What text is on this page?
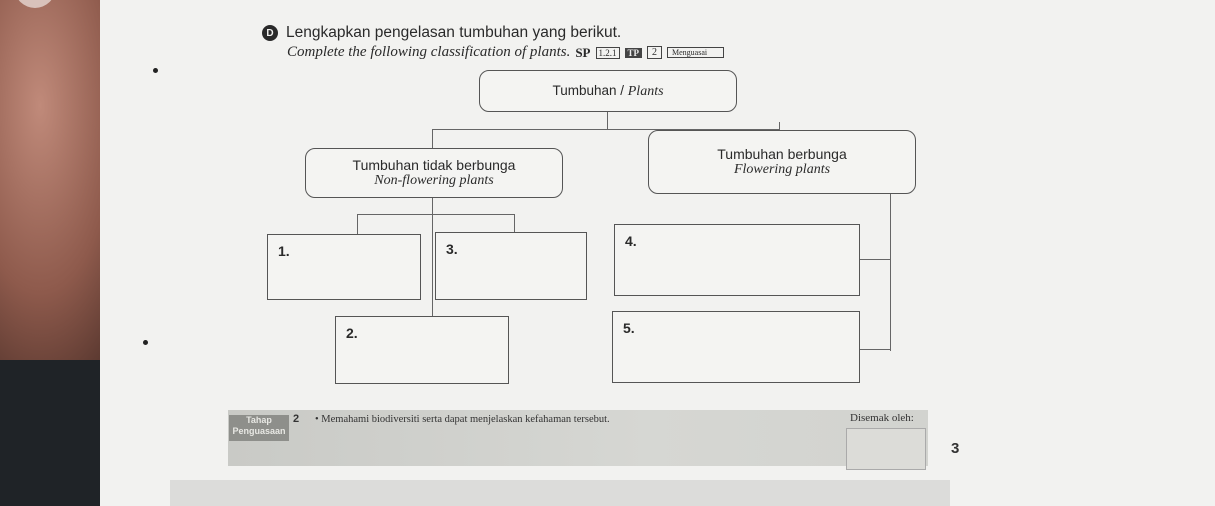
D Lengkapkan pengelasan tumbuhan yang berikut.
Complete the following classification of plants. SP 1.2.1	TP	2	Menguasai
Tumbuhan / Plants
Tumbuhan tidak berbunga
Non-flowering plants
Tumbuhan berbunga
Flowering plants
1.
2.
3.	4.
5.
Tahap Penguasaan
2 • Memahami biodiversiti serta dapat menjelaskan kefahaman tersebut.	Disemak oleh:
3
